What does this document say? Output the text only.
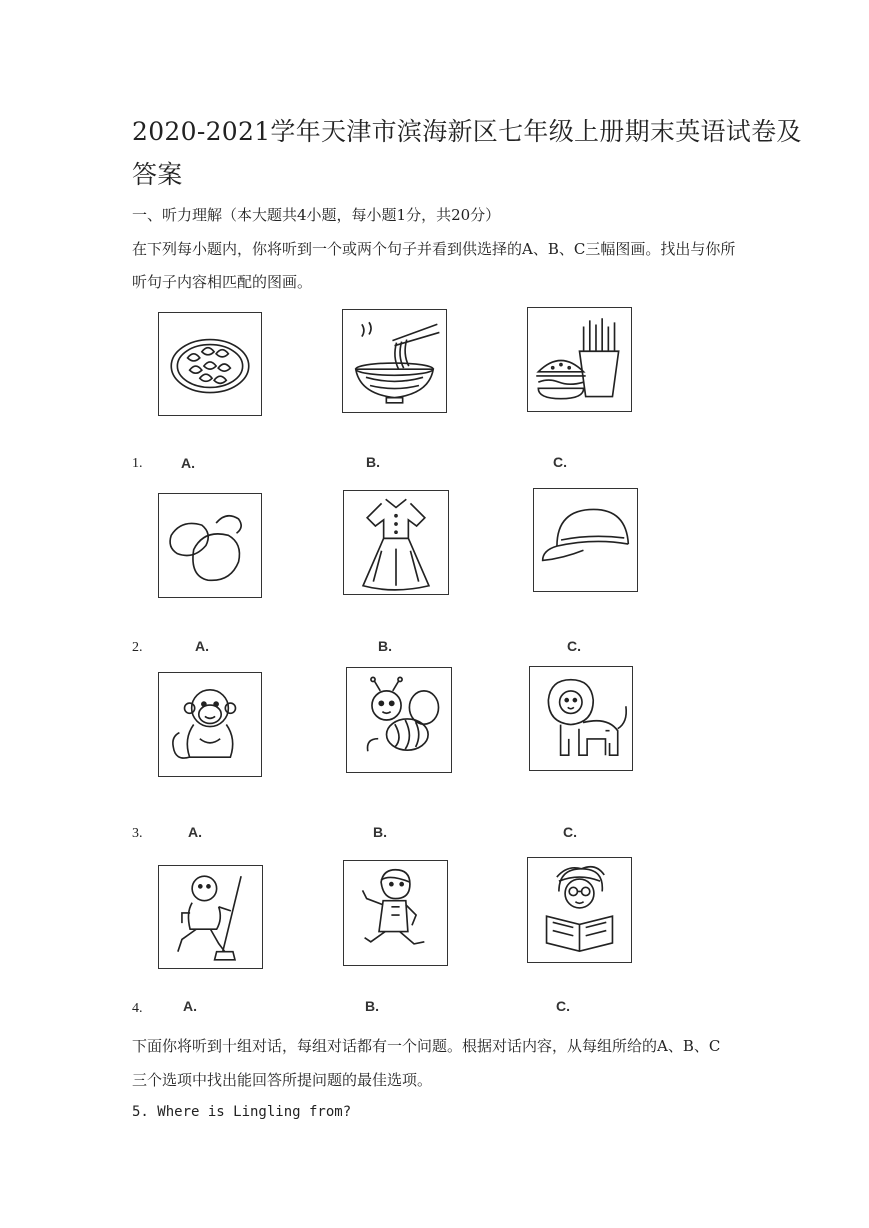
2020-2021学年天津市滨海新区七年级上册期末英语试卷及
答案
一、听力理解（本大题共4小题，每小题1分，共20分）
在下列每小题内，你将听到一个或两个句子并看到供选择的A、B、C三幅图画。找出与你所
听句子内容相匹配的图画。
1.	A.	B.	C.
2.	A.	B.	C.
3.	A.	B.	C.
4.	A.	B.	C.
下面你将听到十组对话，每组对话都有一个问题。根据对话内容，从每组所给的A、B、C
三个选项中找出能回答所提问题的最佳选项。
5. Where is Lingling from?
